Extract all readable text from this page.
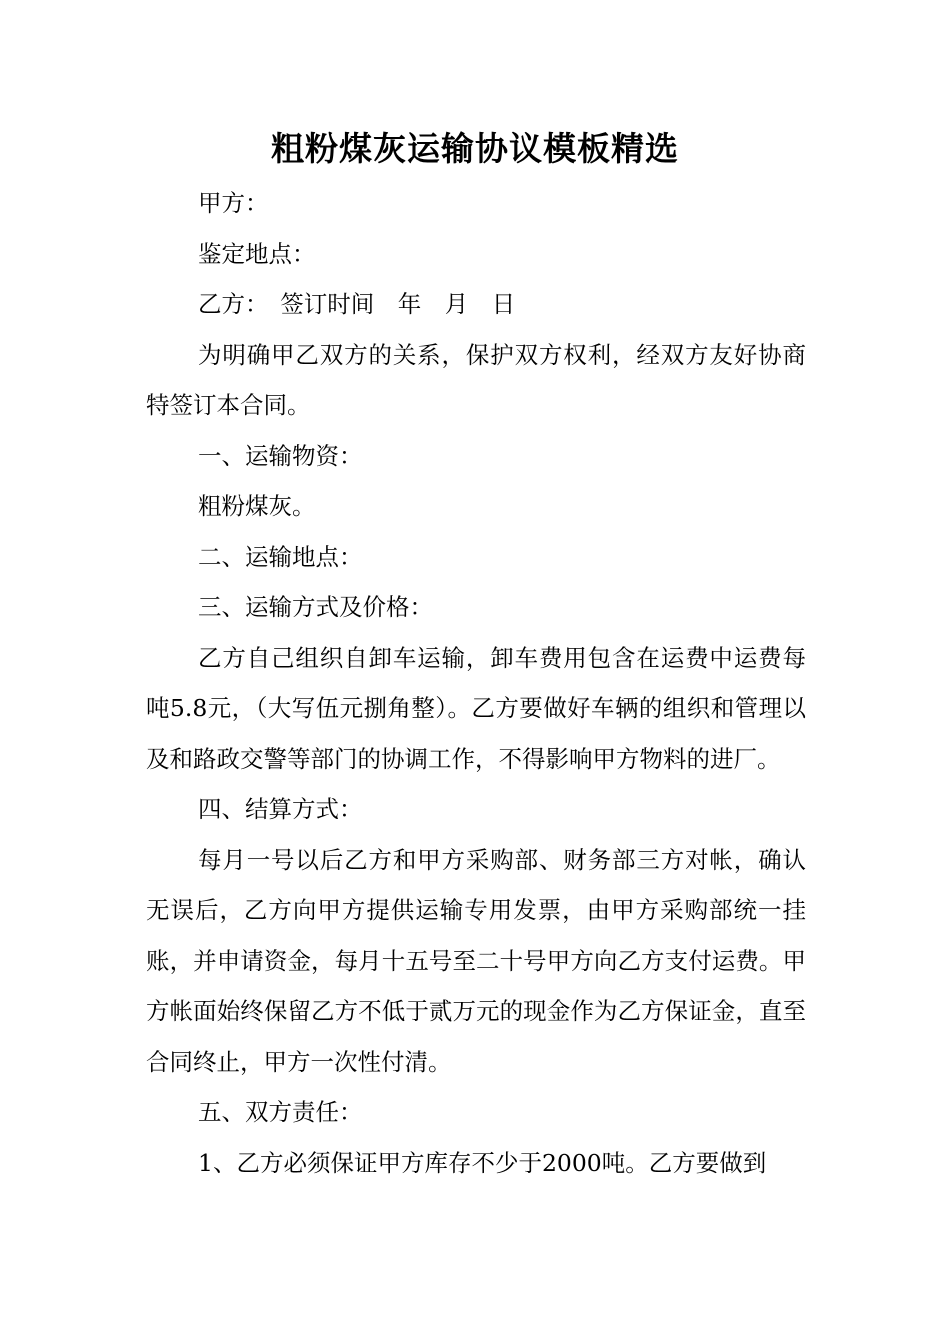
粗粉煤灰运输协议模板精选

甲方：

鉴定地点：

乙方：　签订时间　年　月　日

为明确甲乙双方的关系，保护双方权利，经双方友好协商特签订本合同。

一、运输物资：

粗粉煤灰。

二、运输地点：

三、运输方式及价格：

乙方自己组织自卸车运输，卸车费用包含在运费中运费每吨5.8元，（大写伍元捌角整）。乙方要做好车辆的组织和管理以及和路政交警等部门的协调工作，不得影响甲方物料的进厂。

四、结算方式：

每月一号以后乙方和甲方采购部、财务部三方对帐，确认无误后，乙方向甲方提供运输专用发票，由甲方采购部统一挂账，并申请资金，每月十五号至二十号甲方向乙方支付运费。甲方帐面始终保留乙方不低于贰万元的现金作为乙方保证金，直至合同终止，甲方一次性付清。

五、双方责任：

1、乙方必须保证甲方库存不少于2000吨。乙方要做到
